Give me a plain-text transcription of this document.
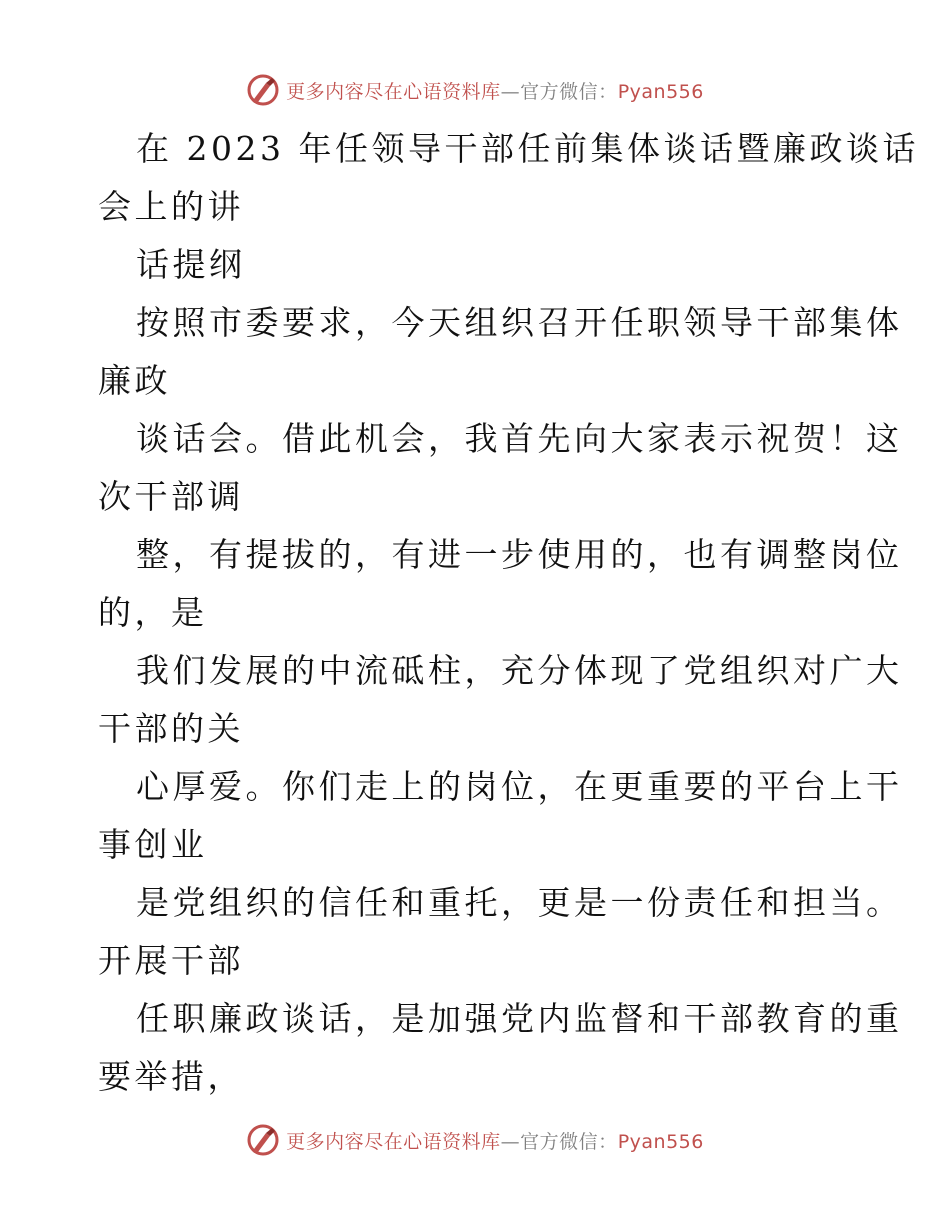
更多内容尽在心语资料库—官方微信：Pyan556
在 2023 年任领导干部任前集体谈话暨廉政谈话
会上的讲
话提纲
按照市委要求，今天组织召开任职领导干部集体
廉政
谈话会。借此机会，我首先向大家表示祝贺！这
次干部调
整，有提拔的，有进一步使用的，也有调整岗位
的，是
我们发展的中流砥柱，充分体现了党组织对广大
干部的关
心厚爱。你们走上的岗位，在更重要的平台上干
事创业
是党组织的信任和重托，更是一份责任和担当。
开展干部
任职廉政谈话，是加强党内监督和干部教育的重
要举措，
更多内容尽在心语资料库—官方微信：Pyan556
